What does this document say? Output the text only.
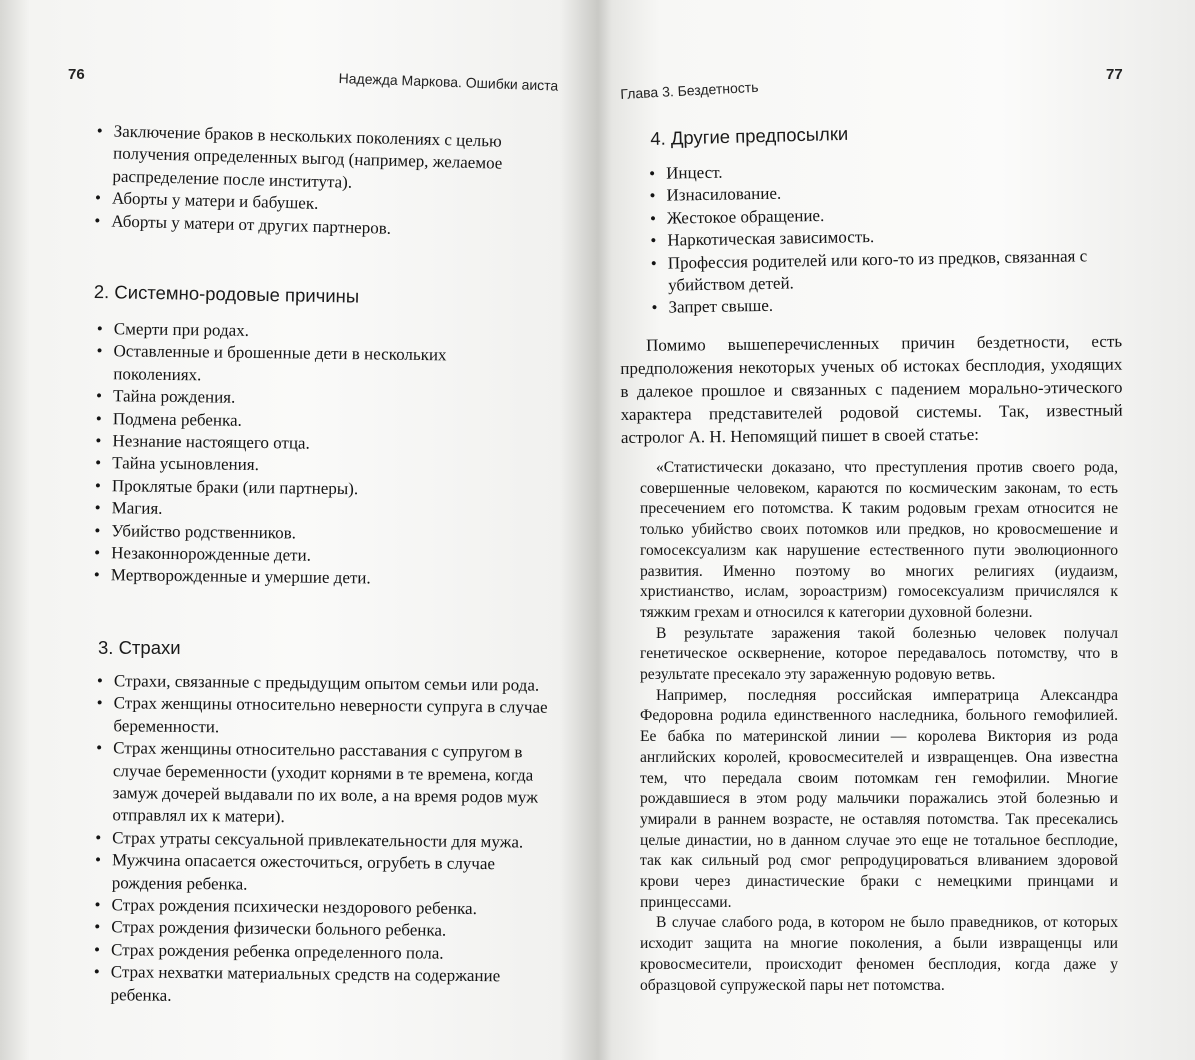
76	Надежда Маркова. Ошибки аиста
• Заключение браков в нескольких поколениях с целью получения определенных выгод (например, желаемое распределение после института).
• Аборты у матери и бабушек.
• Аборты у матери от других партнеров.
2. Системно-родовые причины
• Смерти при родах.
• Оставленные и брошенные дети в нескольких поколениях.
• Тайна рождения.
• Подмена ребенка.
• Незнание настоящего отца.
• Тайна усыновления.
• Проклятые браки (или партнеры).
• Магия.
• Убийство родственников.
• Незаконнорожденные дети.
• Мертворожденные и умершие дети.
3. Страхи
• Страхи, связанные с предыдущим опытом семьи или рода.
• Страх женщины относительно неверности супруга в случае беременности.
• Страх женщины относительно расставания с супругом в случае беременности (уходит корнями в те времена, когда замуж дочерей выдавали по их воле, а на время родов муж отправлял их к матери).
• Страх утраты сексуальной привлекательности для мужа.
• Мужчина опасается ожесточиться, огрубеть в случае рождения ребенка.
• Страх рождения психически нездорового ребенка.
• Страх рождения физически больного ребенка.
• Страх рождения ребенка определенного пола.
• Страх нехватки материальных средств на содержание ребенка.
Глава 3. Бездетность
77
4. Другие предпосылки
• Инцест.
• Изнасилование.
• Жестокое обращение.
• Наркотическая зависимость.
• Профессия родителей или кого-то из предков, связанная с убийством детей.
• Запрет свыше.
Помимо вышеперечисленных причин бездетности, есть предположения некоторых ученых об истоках бесплодия, уходящих в далекое прошлое и связанных с падением морально-этического характера представителей родовой системы. Так, известный астролог А. Н. Непомящий пишет в своей статье:

«Статистически доказано, что преступления против своего рода, совершенные человеком, караются по космическим законам, то есть пресечением его потомства. К таким родовым грехам относится не только убийство своих потомков или предков, но кровосмешение и гомосексуализм как нарушение естественного пути эволюционного развития. Именно поэтому во многих религиях (иудаизм, христианство, ислам, зороастризм) гомосексуализм причислялся к тяжким грехам и относился к категории духовной болезни.

В результате заражения такой болезнью человек получал генетическое осквернение, которое передавалось потомству, что в результате пресекало эту зараженную родовую ветвь.

Например, последняя российская императрица Александра Федоровна родила единственного наследника, больного гемофилией. Ее бабка по материнской линии — королева Виктория из рода английских королей, кровосмесителей и извращенцев. Она известна тем, что передала своим потомкам ген гемофилии. Многие рождавшиеся в этом роду мальчики поражались этой болезнью и умирали в раннем возрасте, не оставляя потомства. Так пресекались целые династии, но в данном случае это еще не тотальное бесплодие, так как сильный род смог репродуцироваться вливанием здоровой крови через династические браки с немецкими принцами и принцессами.

В случае слабого рода, в котором не было праведников, от которых исходит защита на многие поколения, а были извращенцы или кровосмесители, происходит феномен бесплодия, когда даже у образцовой супружеской пары нет потомства.
